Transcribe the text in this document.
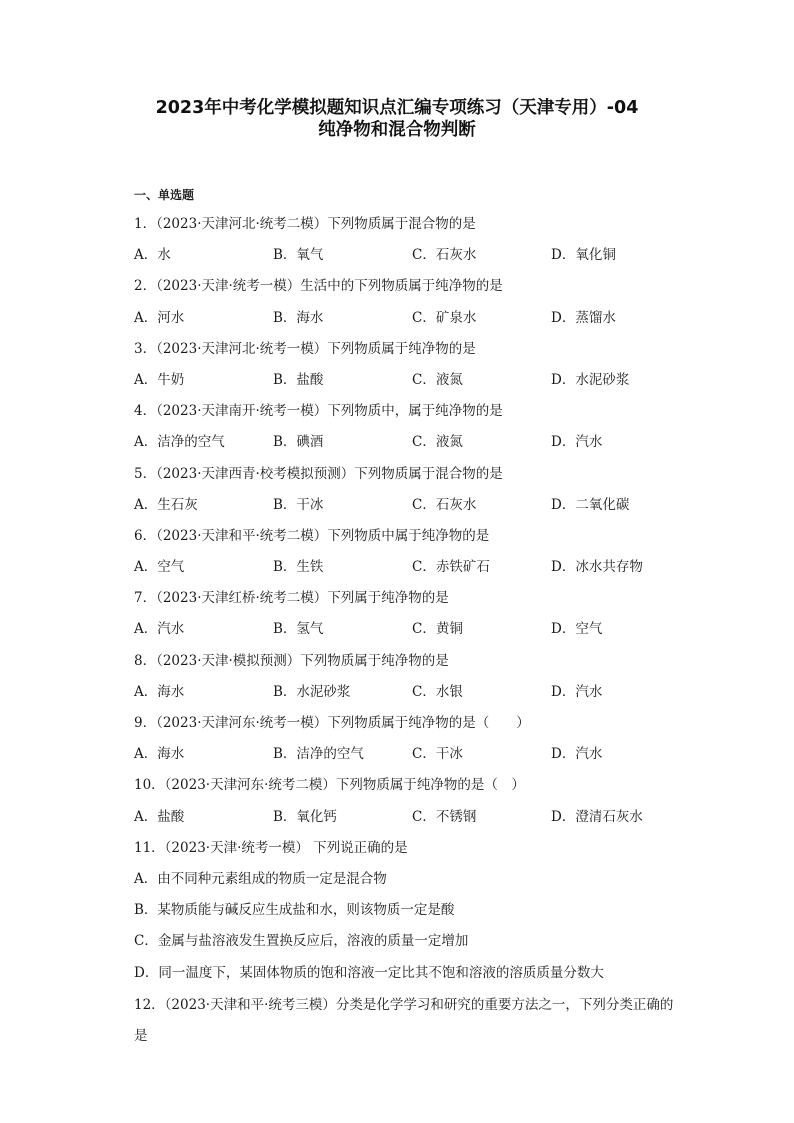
2023年中考化学模拟题知识点汇编专项练习（天津专用）-04
纯净物和混合物判断
一、单选题
1．（2023·天津河北·统考二模）下列物质属于混合物的是
A．水	B．氧气	C．石灰水	D．氧化铜
2．（2023·天津·统考一模）生活中的下列物质属于纯净物的是
A．河水	B．海水	C．矿泉水	D．蒸馏水
3．（2023·天津河北·统考一模）下列物质属于纯净物的是
A．牛奶	B．盐酸	C．液氮	D．水泥砂浆
4．（2023·天津南开·统考一模）下列物质中，属于纯净物的是
A．洁净的空气	B．碘酒	C．液氮	D．汽水
5．（2023·天津西青·校考模拟预测）下列物质属于混合物的是
A．生石灰	B．干冰	C．石灰水	D．二氧化碳
6．（2023·天津和平·统考二模）下列物质中属于纯净物的是
A．空气	B．生铁	C．赤铁矿石	D．冰水共存物
7．（2023·天津红桥·统考二模）下列属于纯净物的是
A．汽水	B．氢气	C．黄铜	D．空气
8．（2023·天津·模拟预测）下列物质属于纯净物的是
A．海水	B．水泥砂浆	C．水银	D．汽水
9．（2023·天津河东·统考一模）下列物质属于纯净物的是（　　）
A．海水	B．洁净的空气	C．干冰	D．汽水
10．（2023·天津河东·统考二模）下列物质属于纯净物的是（　）
A．盐酸	B．氧化钙	C．不锈钢	D．澄清石灰水
11．（2023·天津·统考一模） 下列说正确的是
A．由不同种元素组成的物质一定是混合物
B．某物质能与碱反应生成盐和水，则该物质一定是酸
C．金属与盐溶液发生置换反应后，溶液的质量一定增加
D．同一温度下，某固体物质的饱和溶液一定比其不饱和溶液的溶质质量分数大
12．（2023·天津和平·统考三模）分类是化学学习和研究的重要方法之一，下列分类正确的是
